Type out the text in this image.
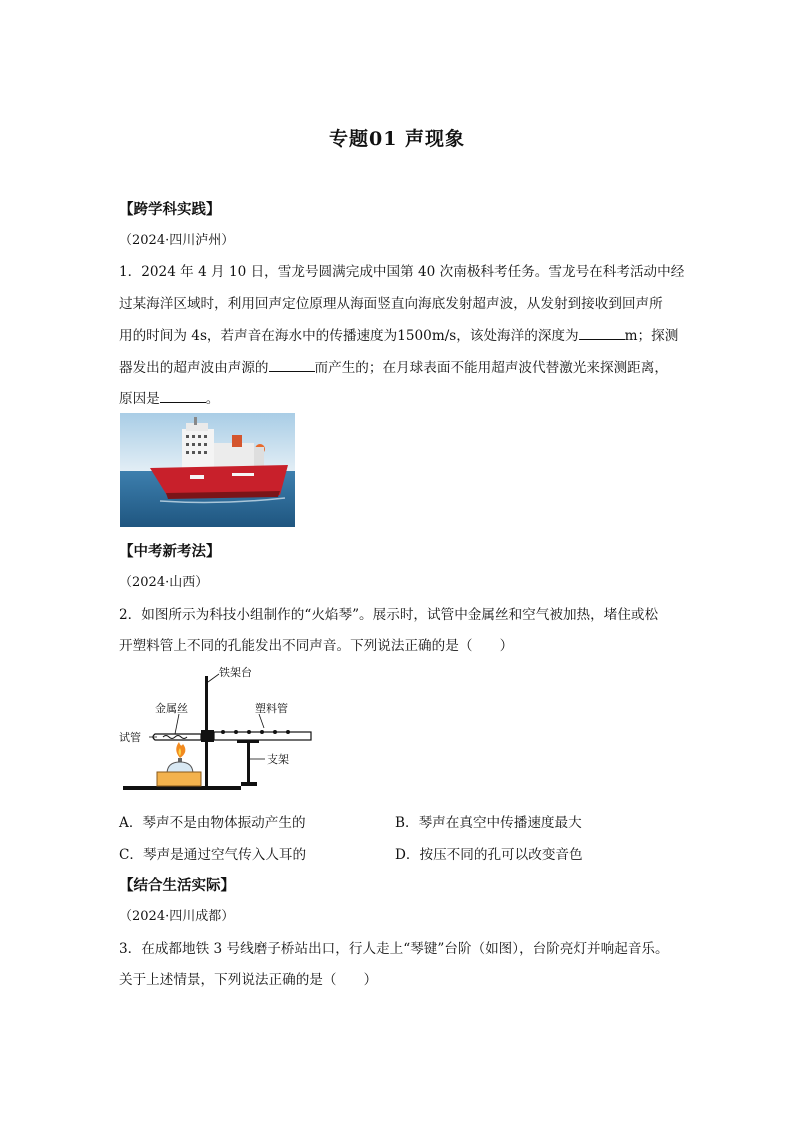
专题01 声现象
【跨学科实践】
（2024·四川泸州）
1．2024 年 4 月 10 日，雪龙号圆满完成中国第 40 次南极科考任务。雪龙号在科考活动中经
过某海洋区域时，利用回声定位原理从海面竖直向海底发射超声波，从发射到接收到回声所
用的时间为 4s，若声音在海水中的传播速度为1500m/s，该处海洋的深度为	m；探测
器发出的超声波由声源的	而产生的；在月球表面不能用超声波代替激光来探测距离，
原因是	。
【中考新考法】
（2024·山西）
2．如图所示为科技小组制作的“火焰琴”。展示时，试管中金属丝和空气被加热，堵住或松
开塑料管上不同的孔能发出不同声音。下列说法正确的是（　　）
铁架台
金属丝	塑料管
试管
支架
A．琴声不是由物体振动产生的	B．琴声在真空中传播速度最大
C．琴声是通过空气传入人耳的	D．按压不同的孔可以改变音色
【结合生活实际】
（2024·四川成都）
3．在成都地铁 3 号线磨子桥站出口，行人走上“琴键”台阶（如图），台阶亮灯并响起音乐。
关于上述情景，下列说法正确的是（　　）
